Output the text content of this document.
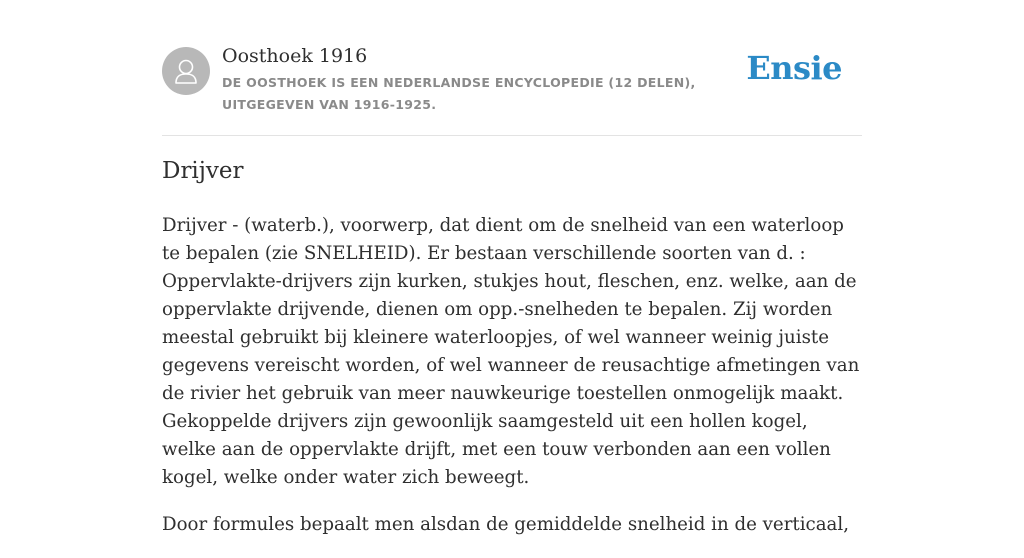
Oosthoek 1916
DE OOSTHOEK IS EEN NEDERLANDSE ENCYCLOPEDIE (12 DELEN), UITGEGEVEN VAN 1916-1925.
Ensie
Drijver

Drijver - (waterb.), voorwerp, dat dient om de snelheid van een waterloop te bepalen (zie SNELHEID). Er bestaan verschillende soorten van d. : Oppervlakte-drijvers zijn kurken, stukjes hout, fleschen, enz. welke, aan de oppervlakte drijvende, dienen om opp.-snelheden te bepalen. Zij worden meestal gebruikt bij kleinere waterloopjes, of wel wanneer weinig juiste gegevens vereischt worden, of wel wanneer de reusachtige afmetingen van de rivier het gebruik van meer nauwkeurige toestellen onmogelijk maakt. Gekoppelde drijvers zijn gewoonlijk saamgesteld uit een hollen kogel, welke aan de oppervlakte drijft, met een touw verbonden aan een vollen kogel, welke onder water zich beweegt.

Door formules bepaalt men alsdan de gemiddelde snelheid in de verticaal,
